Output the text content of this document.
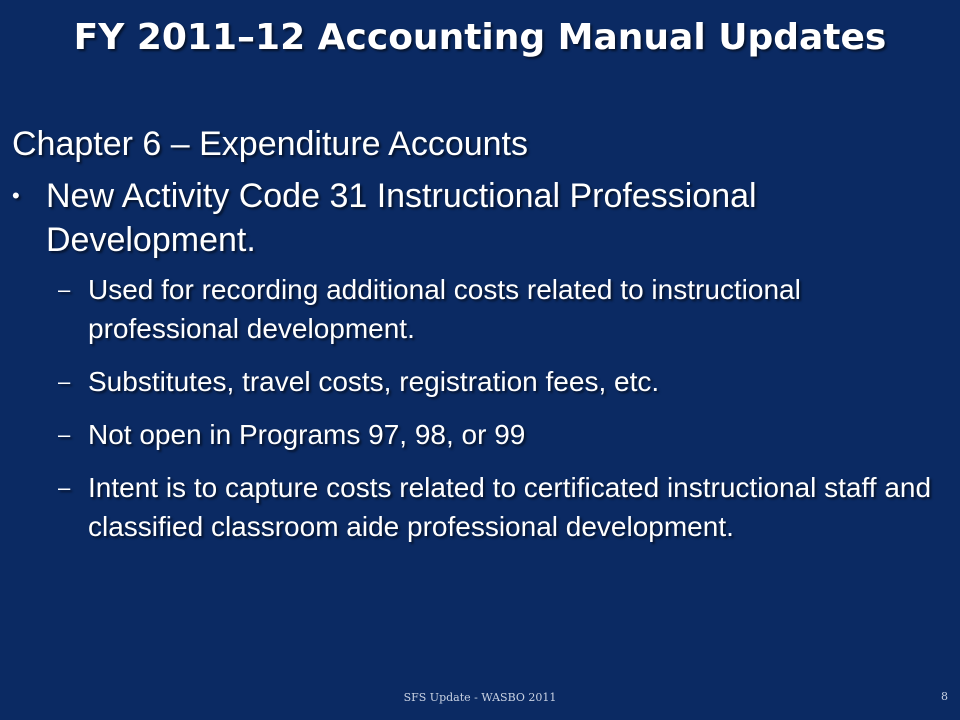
FY 2011–12 Accounting Manual Updates
Chapter 6 – Expenditure Accounts
• New Activity Code 31 Instructional Professional Development.
– Used for recording additional costs related to instructional professional development.
– Substitutes, travel costs, registration fees, etc.
– Not open in Programs 97, 98, or 99
– Intent is to capture costs related to certificated instructional staff and classified classroom aide professional development.
SFS Update - WASBO 2011	8
